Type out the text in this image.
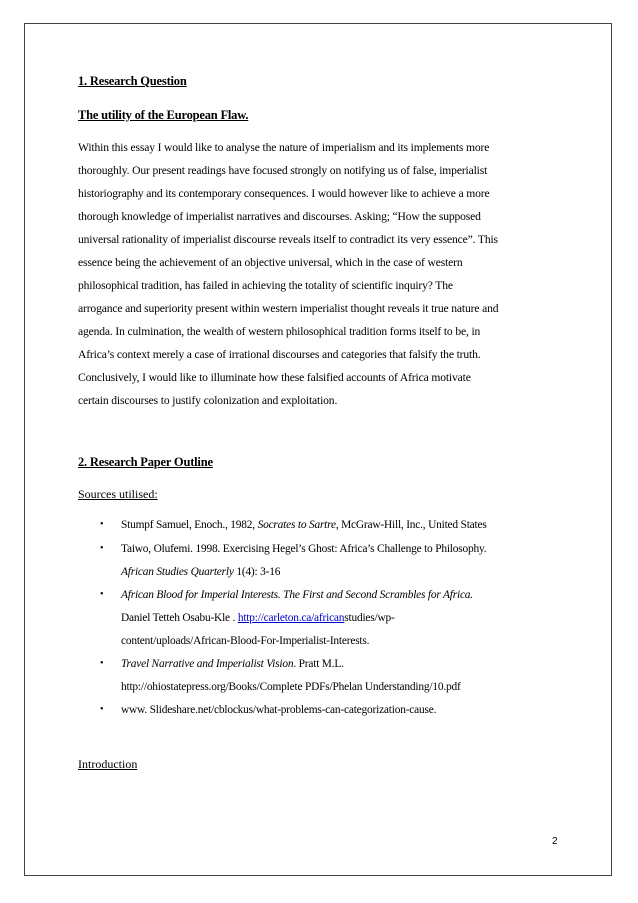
1. Research Question
The utility of the European Flaw.
Within this essay I would like to analyse the nature of imperialism and its implements more
thoroughly. Our present readings have focused strongly on notifying us of false, imperialist
historiography and its contemporary consequences. I would however like to achieve a more
thorough knowledge of imperialist narratives and discourses. Asking; “How the supposed
universal rationality of imperialist discourse reveals itself to contradict its very essence”. This
essence being the achievement of an objective universal, which in the case of western
philosophical tradition, has failed in achieving the totality of scientific inquiry? The
arrogance and superiority present within western imperialist thought reveals it true nature and
agenda. In culmination, the wealth of western philosophical tradition forms itself to be, in
Africa’s context merely a case of irrational discourses and categories that falsify the truth.
Conclusively, I would like to illuminate how these falsified accounts of Africa motivate
certain discourses to justify colonization and exploitation.
2. Research Paper Outline
Sources utilised:
• Stumpf Samuel, Enoch., 1982, Socrates to Sartre, McGraw-Hill, Inc., United States
• Taiwo, Olufemi. 1998. Exercising Hegel’s Ghost: Africa’s Challenge to Philosophy.
African Studies Quarterly 1(4): 3-16
• African Blood for Imperial Interests. The First and Second Scrambles for Africa.
Daniel Tetteh Osabu-Kle . http://carleton.ca/africanstudies/wp-
content/uploads/African-Blood-For-Imperialist-Interests.
• Travel Narrative and Imperialist Vision. Pratt M.L.
http://ohiostatepress.org/Books/Complete PDFs/Phelan Understanding/10.pdf
• www. Slideshare.net/cblockus/what-problems-can-categorization-cause.
Introduction
2
